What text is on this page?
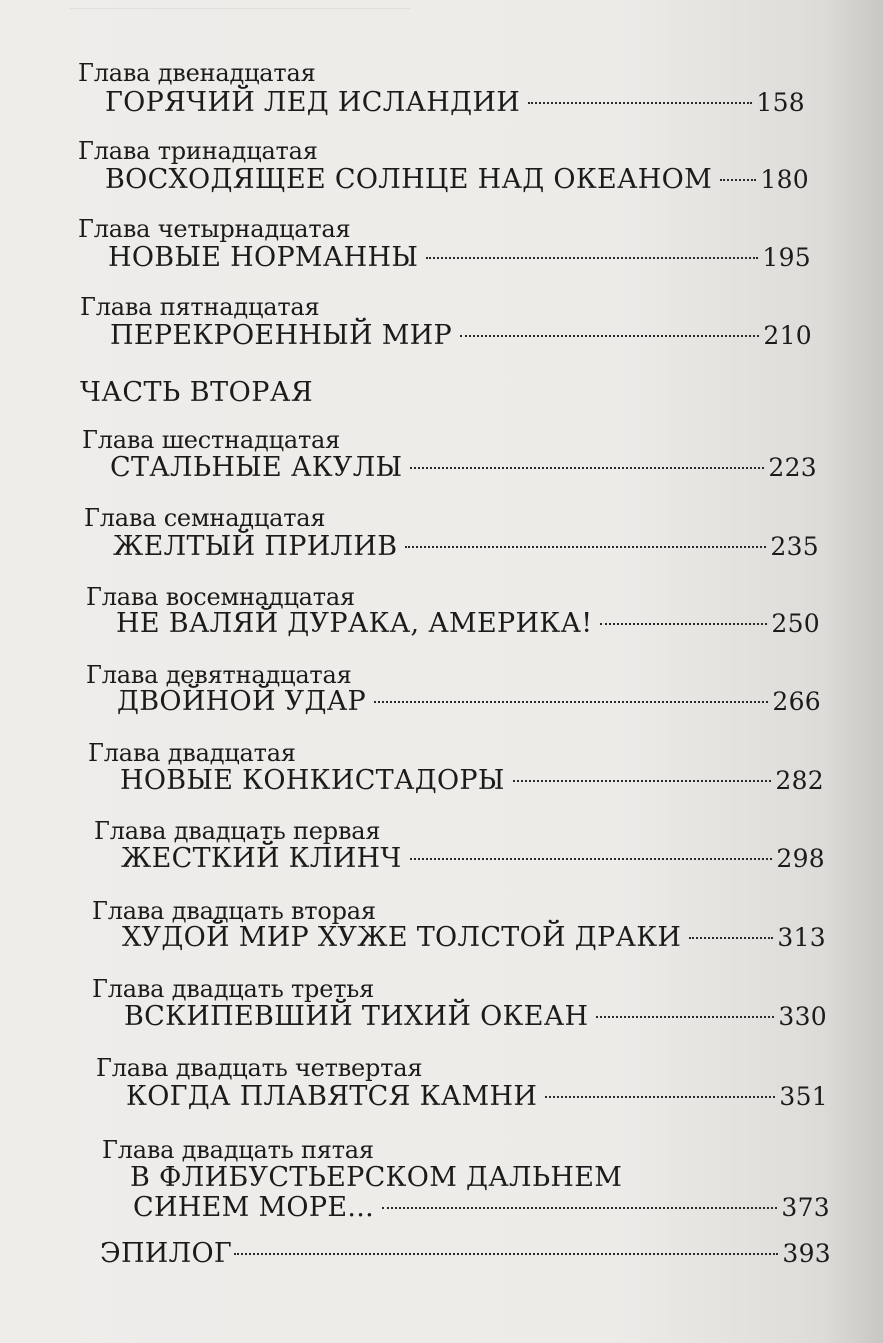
Глава двенадцатая
ГОРЯЧИЙ ЛЕД ИСЛАНДИИ	158
Глава тринадцатая
ВОСХОДЯЩЕЕ СОЛНЦЕ НАД ОКЕАНОМ 180
Глава четырнадцатая
НОВЫЕ НОРМАННЫ	195
Глава пятнадцатая
ПЕРЕКРОЕННЫЙ МИР	210
ЧАСТЬ ВТОРАЯ
Глава шестнадцатая
СТАЛЬНЫЕ АКУЛЫ	223
Глава семнадцатая
ЖЕЛТЫЙ ПРИЛИВ	235
Глава восемнадцатая
НЕ ВАЛЯЙ ДУРАКА, АМЕРИКА!	250
Глава девятнадцатая
ДВОЙНОЙ УДАР	266
Глава двадцатая
НОВЫЕ КОНКИСТАДОРЫ	282
Глава двадцать первая
ЖЕСТКИЙ КЛИНЧ	298
Глава двадцать вторая
ХУДОЙ МИР ХУЖЕ ТОЛСТОЙ ДРАКИ	313
Глава двадцать третья
ВСКИПЕВШИЙ ТИХИЙ ОКЕАН	330
Глава двадцать четвертая
КОГДА ПЛАВЯТСЯ КАМНИ	351
Глава двадцать пятая
В ФЛИБУСТЬЕРСКОМ ДАЛЬНЕМ
СИНЕМ МОРЕ...	373
ЭПИЛОГ	393
